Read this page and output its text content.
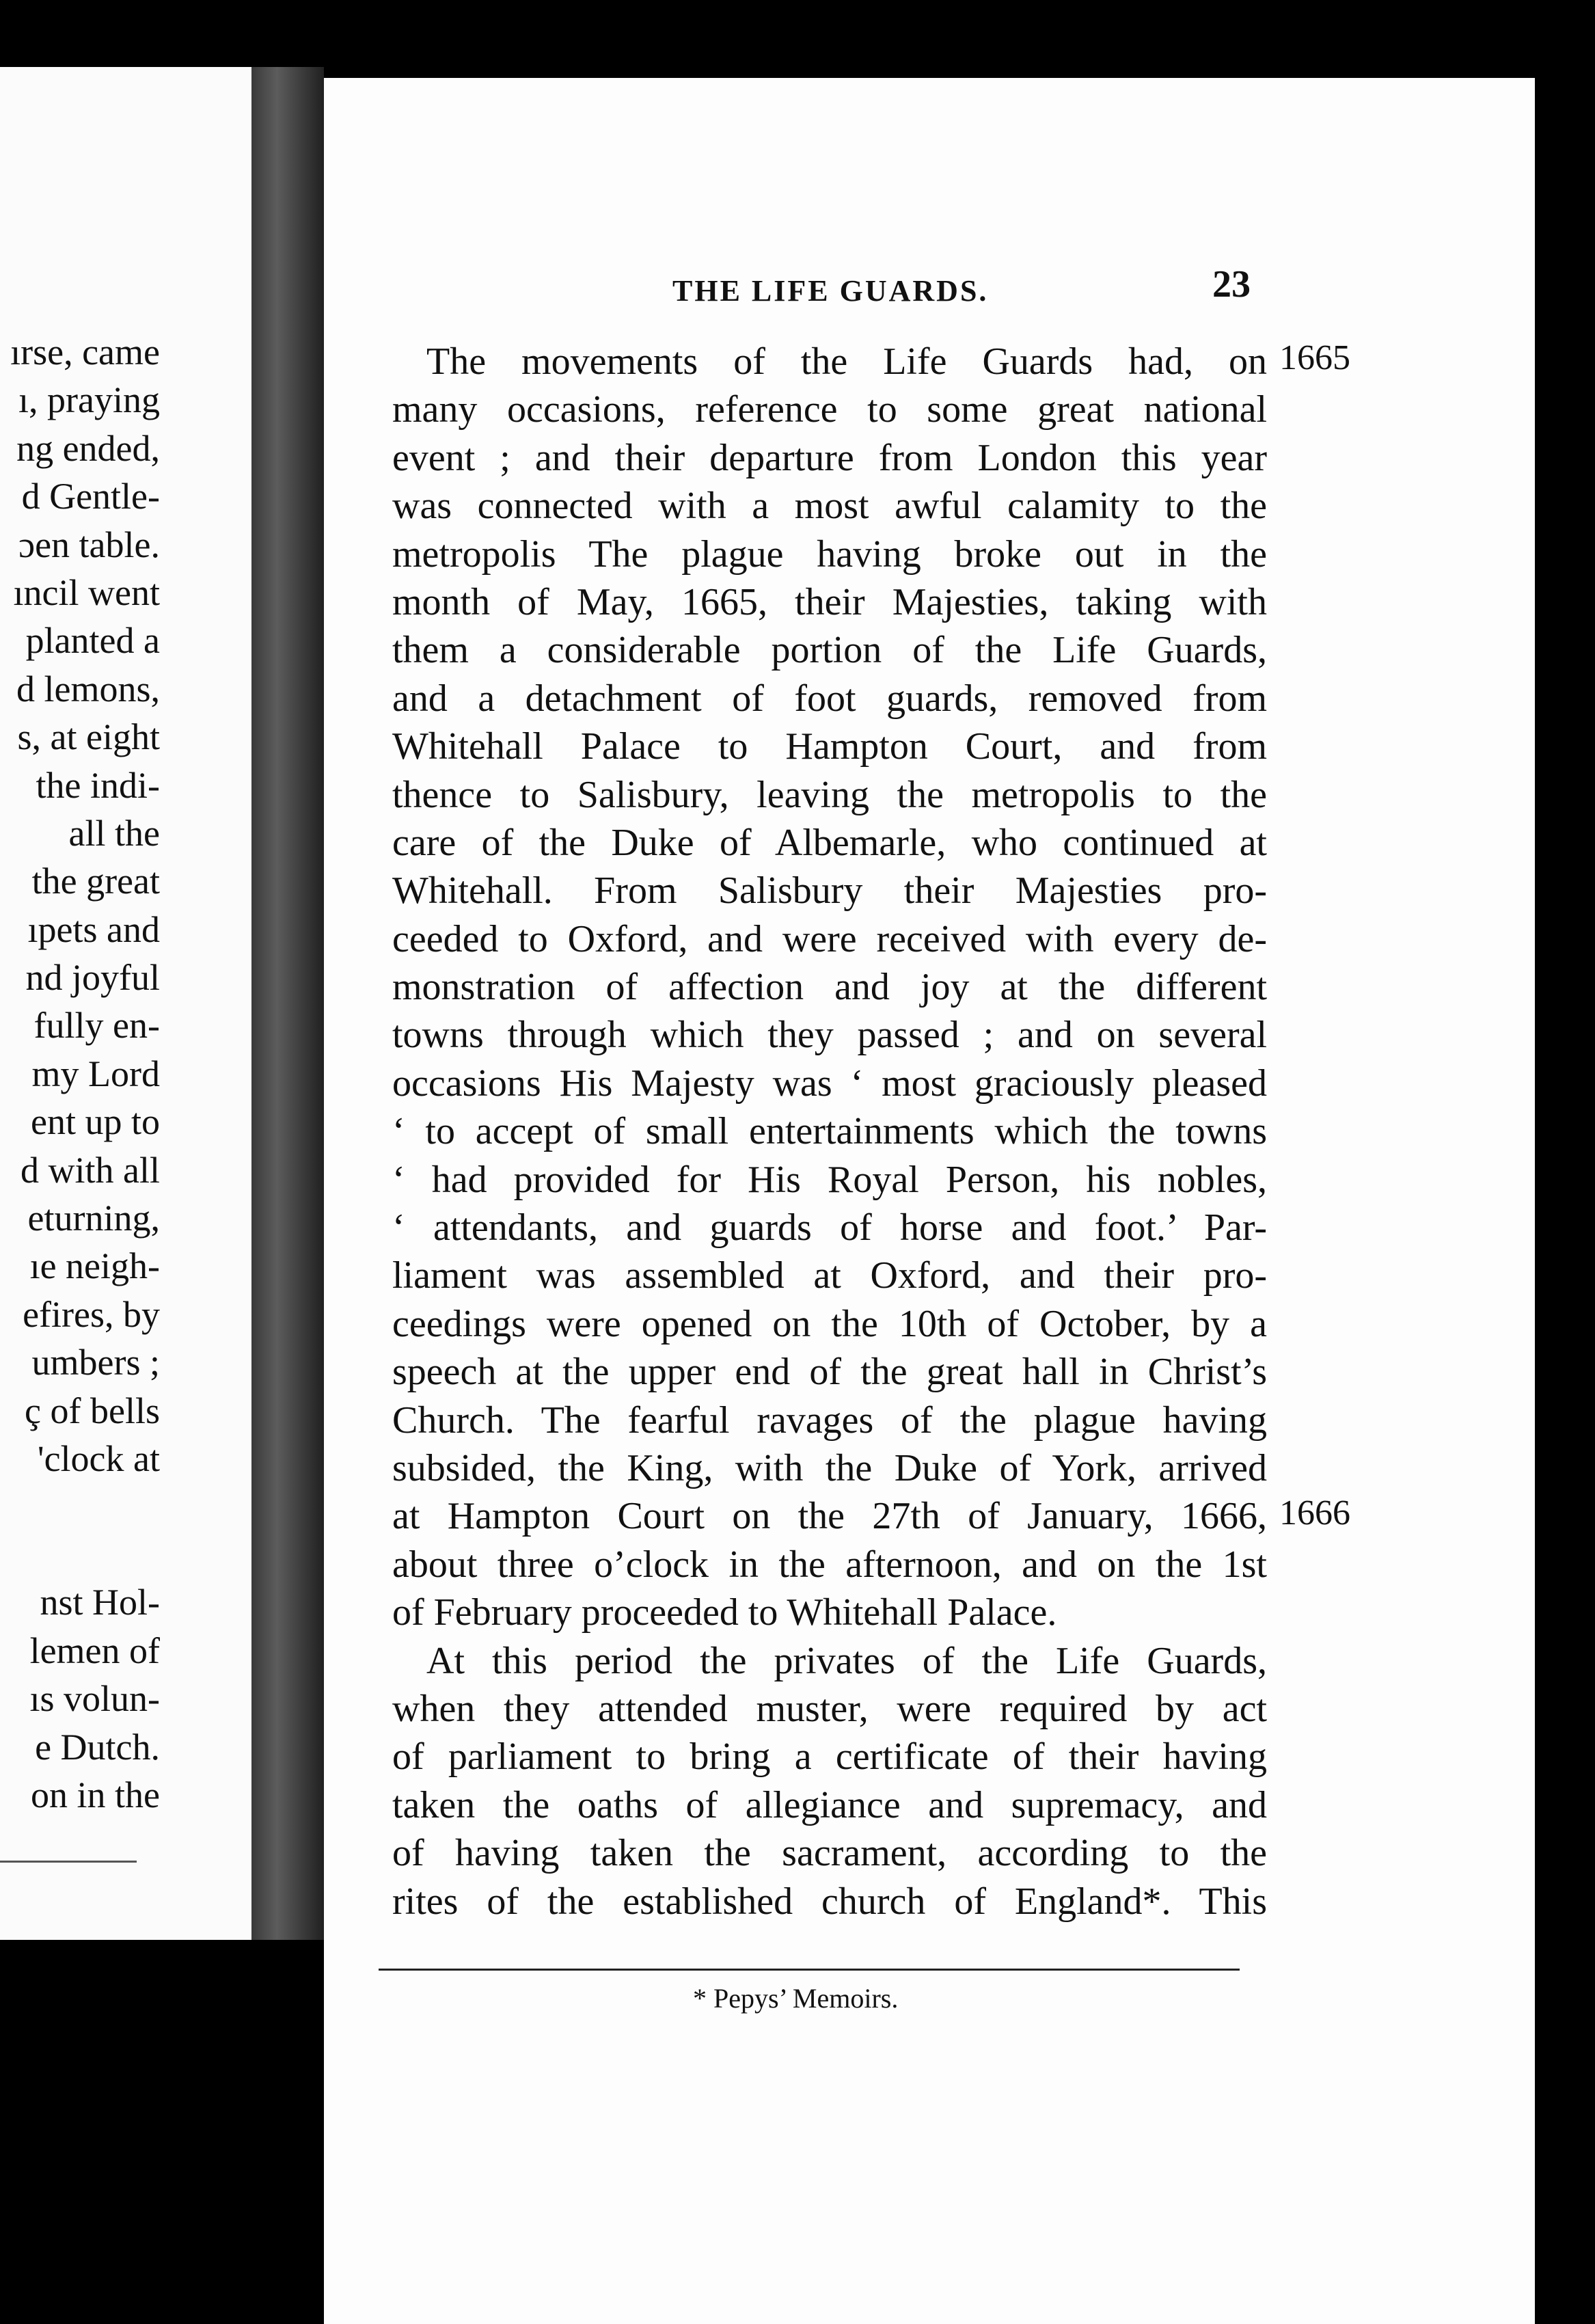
ırse, came
ı, praying
ng ended,
d Gentle-
ɔen table.
ıncil went
planted a
d lemons,
s, at eight
the indi-
all the
the great
ıpets and
nd joyful
fully en-
my Lord
ent up to
d with all
eturning,
ıe neigh-
efires, by
umbers ;
ç of bells
'clock at
nst Hol-
lemen of
ıs volun-
e Dutch.
on in the
THE LIFE GUARDS.	23
1665
1666
The movements of the Life Guards had, on
many occasions, reference to some great national
event ; and their departure from London this year
was connected with a most awful calamity to the
metropolis The plague having broke out in the
month of May, 1665, their Majesties, taking with
them a considerable portion of the Life Guards,
and a detachment of foot guards, removed from
Whitehall Palace to Hampton Court, and from
thence to Salisbury, leaving the metropolis to the
care of the Duke of Albemarle, who continued at
Whitehall. From Salisbury their Majesties pro-
ceeded to Oxford, and were received with every de-
monstration of affection and joy at the different
towns through which they passed ; and on several
occasions His Majesty was ‘ most graciously pleased
‘ to accept of small entertainments which the towns
‘ had provided for His Royal Person, his nobles,
‘ attendants, and guards of horse and foot.’ Par-
liament was assembled at Oxford, and their pro-
ceedings were opened on the 10th of October, by a
speech at the upper end of the great hall in Christ’s
Church. The fearful ravages of the plague having
subsided, the King, with the Duke of York, arrived
at Hampton Court on the 27th of January, 1666,
about three o’clock in the afternoon, and on the 1st
of February proceeded to Whitehall Palace.
At this period the privates of the Life Guards,
when they attended muster, were required by act
of parliament to bring a certificate of their having
taken the oaths of allegiance and supremacy, and
of having taken the sacrament, according to the
rites of the established church of England*. This
* Pepys’ Memoirs.
